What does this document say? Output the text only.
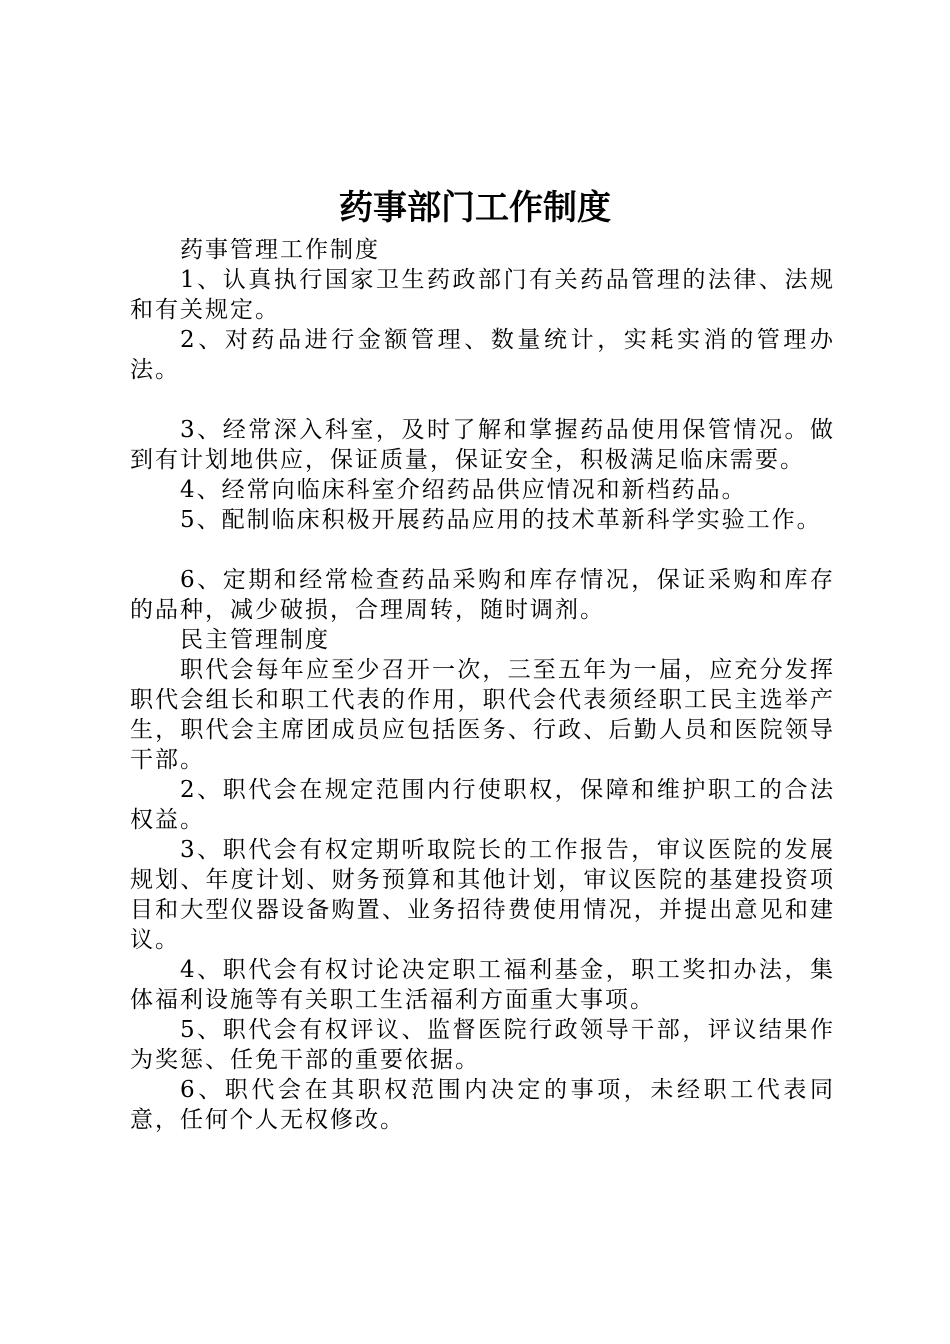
药事部门工作制度

药事管理工作制度

1、认真执行国家卫生药政部门有关药品管理的法律、法规和有关规定。

2、对药品进行金额管理、数量统计，实耗实消的管理办法。

3、经常深入科室，及时了解和掌握药品使用保管情况。做到有计划地供应，保证质量，保证安全，积极满足临床需要。

4、经常向临床科室介绍药品供应情况和新档药品。

5、配制临床积极开展药品应用的技术革新科学实验工作。

6、定期和经常检查药品采购和库存情况，保证采购和库存的品种，减少破损，合理周转，随时调剂。

民主管理制度

职代会每年应至少召开一次，三至五年为一届，应充分发挥职代会组长和职工代表的作用，职代会代表须经职工民主选举产生，职代会主席团成员应包括医务、行政、后勤人员和医院领导干部。

2、职代会在规定范围内行使职权，保障和维护职工的合法权益。

3、职代会有权定期听取院长的工作报告，审议医院的发展规划、年度计划、财务预算和其他计划，审议医院的基建投资项目和大型仪器设备购置、业务招待费使用情况，并提出意见和建议。

4、职代会有权讨论决定职工福利基金，职工奖扣办法，集体福利设施等有关职工生活福利方面重大事项。

5、职代会有权评议、监督医院行政领导干部，评议结果作为奖惩、任免干部的重要依据。

6、职代会在其职权范围内决定的事项，未经职工代表同意，任何个人无权修改。
